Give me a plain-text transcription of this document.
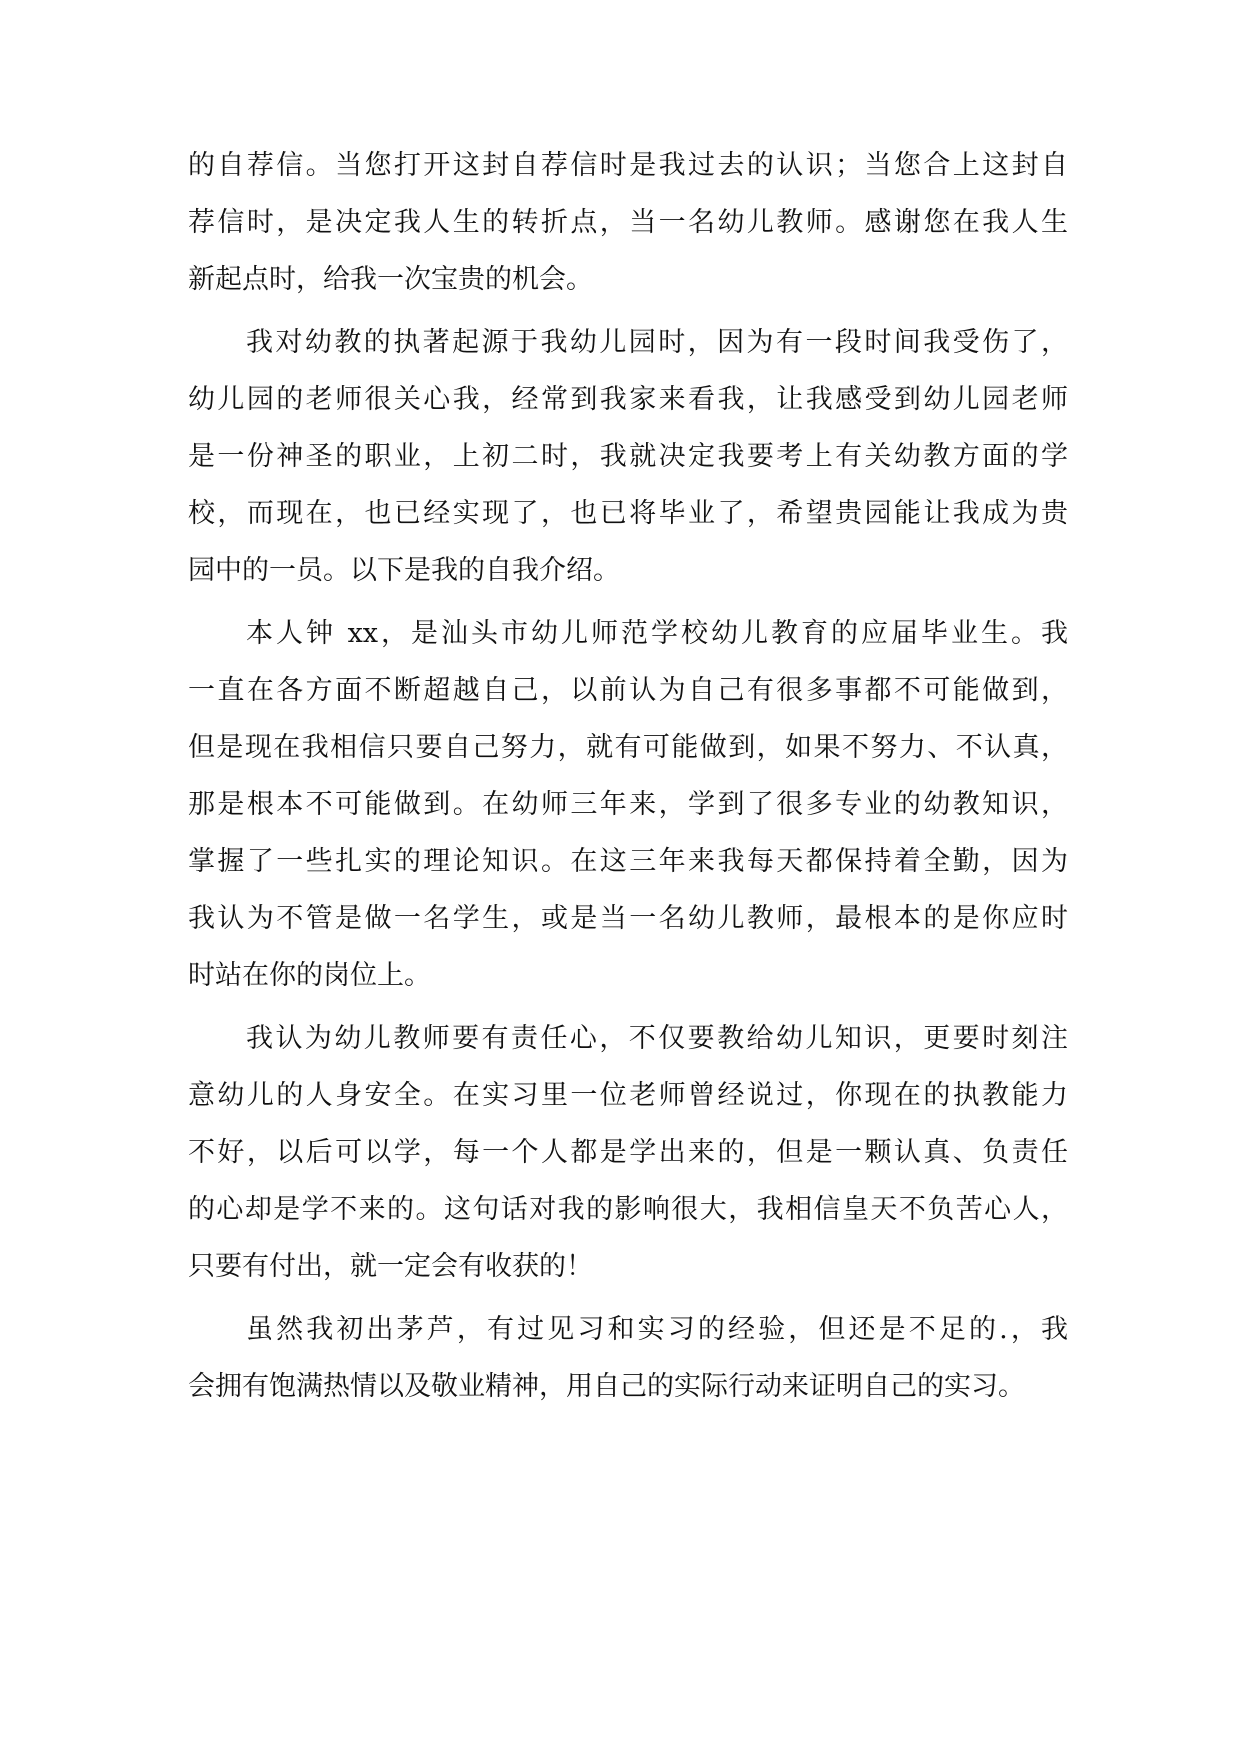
的自荐信。当您打开这封自荐信时是我过去的认识；当您合上这封自
荐信时，是决定我人生的转折点，当一名幼儿教师。感谢您在我人生
新起点时，给我一次宝贵的机会。
我对幼教的执著起源于我幼儿园时，因为有一段时间我受伤了，
幼儿园的老师很关心我，经常到我家来看我，让我感受到幼儿园老师
是一份神圣的职业，上初二时，我就决定我要考上有关幼教方面的学
校，而现在，也已经实现了，也已将毕业了，希望贵园能让我成为贵
园中的一员。以下是我的自我介绍。
本人钟 xx，是汕头市幼儿师范学校幼儿教育的应届毕业生。我
一直在各方面不断超越自己，以前认为自己有很多事都不可能做到，
但是现在我相信只要自己努力，就有可能做到，如果不努力、不认真，
那是根本不可能做到。在幼师三年来，学到了很多专业的幼教知识，
掌握了一些扎实的理论知识。在这三年来我每天都保持着全勤，因为
我认为不管是做一名学生，或是当一名幼儿教师，最根本的是你应时
时站在你的岗位上。
我认为幼儿教师要有责任心，不仅要教给幼儿知识，更要时刻注
意幼儿的人身安全。在实习里一位老师曾经说过，你现在的执教能力
不好，以后可以学，每一个人都是学出来的，但是一颗认真、负责任
的心却是学不来的。这句话对我的影响很大，我相信皇天不负苦心人，
只要有付出，就一定会有收获的！
虽然我初出茅芦，有过见习和实习的经验，但还是不足的.，我
会拥有饱满热情以及敬业精神，用自己的实际行动来证明自己的实习。
